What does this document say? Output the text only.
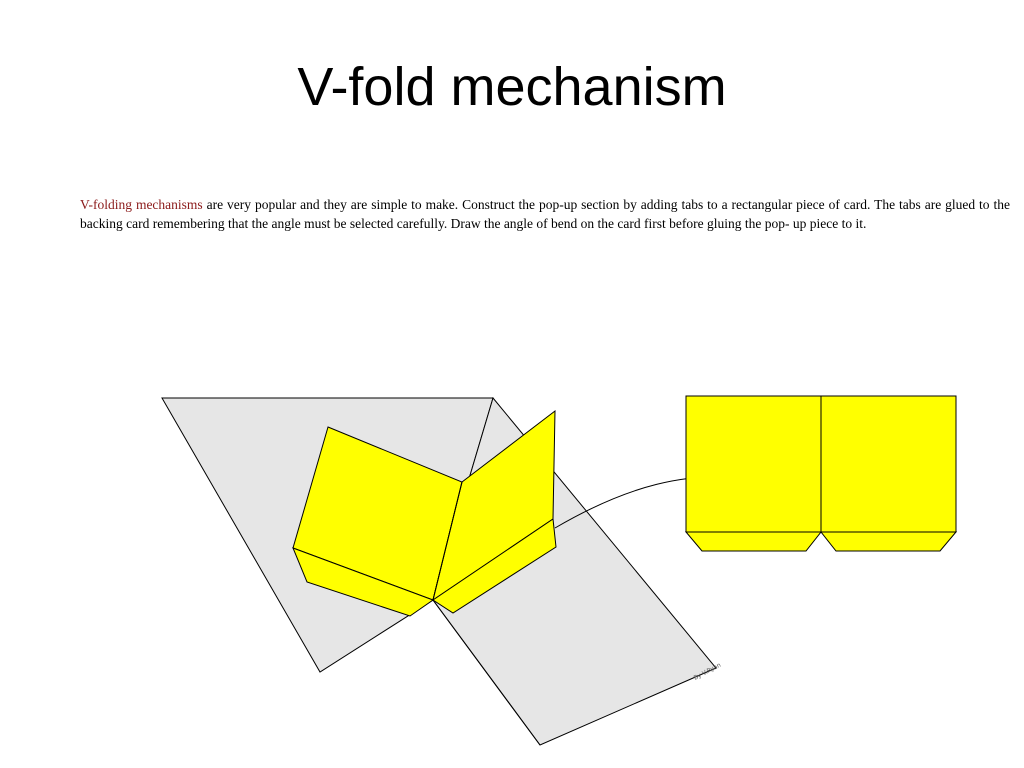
V-fold mechanism
V-folding mechanisms are very popular and they are simple to make. Construct the pop-up section by adding tabs to a rectangular piece of card. The tabs are glued to the backing card remembering that the angle must be selected carefully. Draw the angle of bend on the card first before gluing the pop- up piece to it.
By V.Ryan
